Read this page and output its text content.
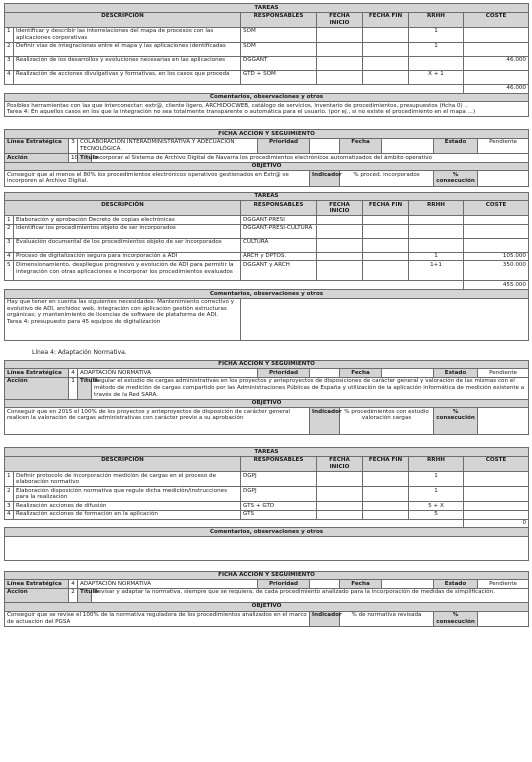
TAREAS						
DESCRIPCIÓN		RESPONSABLES	FECHA INICIO	FECHA FIN	RRHH	COSTE
1	Identificar y describir las interrelaciones del mapa de procesos con las aplicaciones corporativas	SOM			1	
2	Definir vías de integraciones entre el mapa y las aplicaciones identificadas	SOM			1	
3	Realización de los desarrollos y evoluciones necesarias en las aplicaciones	DGGANT				46.000
4	Realización de acciones divulgativas y formativas, en los casos que proceda	GTD + SOM			X + 1	
						46.000
Comentarios, observaciones y otros						

Posibles herramientas con las que interconectar: extr@, cliente ligero, ARCHIDOCWEB, catálogo de servicios, inventario de procedimientos, presupuestos (ficha 0) ..
Tarea 4: En aquellos casos en los que la integración no sea totalmente transparente o automática para el usuario. (por ej., si no existe el procedimiento en el mapa ...)						
FICHA ACCION Y SEGUIMIENTO									
Línea Estratégica	3	COLABORACIÓN INTERADMINISTRATIVA Y ADECUACIÓN TECNOLÓGICA		Prioridad		Fecha		Estado	Pendiente
Acción	10	Título	Incorporar al Sistema de Archivo Digital de Navarra los procedimientos electrónicos automatizados del ámbito operativo						
OBJETIVO									
Conseguir que al menos el 80% los procedimientos electrónicos operativos gestionados en Extr@ se incorporen al Archivo Digital.					Indicador	% proced. incorporados		% consecución	
TAREAS						
DESCRIPCIÓN		RESPONSABLES	FECHA INICIO	FECHA FIN	RRHH	COSTE
1	Elaboración y aprobación Decreto de copias electrónicas	DGGANT-PRESI				
2	Identificar los procedimientos objeto de ser incorporados	DGGANT-PRESI-CULTURA				
3	Evaluación documental de los procedimientos objeto de ser incorporados	CULTURA				
4	Proceso de digitalización segura para incorporación a ADI	ARCH y DPTOS.			1	105.000
5	Dimensionamiento, despliegue progresivo y evolución de ADI para permitir la integración con otras aplicaciones e incorporar los procedimientos evaluados	DGGANT y ARCH			1+1	350.000
						455.000
Comentarios, observaciones y otros						

Hay que tener en cuenta las siguientes necesidades: Mantenimiento correctivo y evolutivo de ADI, archidoc web, integración con aplicación gestión estructuras orgánicas; y mantenimiento de licencias de software de plataforma de ADI.
Tarea 4: presupuesto para 45 equipos de digitalización						

Línea 4: Adaptación Normativa.
FICHA ACCION Y SEGUIMIENTO									
Línea Estratégica	4	ADAPTACIÓN NORMATIVA		Prioridad		Fecha		Estado	Pendiente
Acción	1	Título	Regular el estudio de cargas administrativas en los proyectos y anteproyectos de disposiciones de carácter general y valoración de las mismas con el método de medición de cargas compartido por las Administraciones Públicas de España y utilización de la aplicación informática de medición existente a través de la Red SARA.						
OBJETIVO									
Conseguir que en 2015 el 100% de los proyectos y anteproyectos de disposición de carácter general realicen la valoración de cargas administrativas con carácter previo a su aprobación					Indicador	% procedimientos con estudio valoración cargas		% consecución	
TAREAS						
DESCRIPCIÓN		RESPONSABLES	FECHA INICIO	FECHA FIN	RRHH	COSTE
1	Definir protocolo de incorporación medición de cargas en el proceso de elaboración normativo	DGPJ			1	
2	Elaboración disposición normativa que regule dicha medición/instrucciones para la realización	DGPJ			1	
3	Realización acciones de difusión	GTS + GTD			5 + X	
4	Realización acciones de formación en la aplicación	GTS			5	
						0
Comentarios, observaciones y otros						

FICHA ACCION Y SEGUIMIENTO									
Línea Estratégica	4	ADAPTACIÓN NORMATIVA		Prioridad		Fecha		Estado	Pendiente
Acción	2	Título	Revisar y adaptar la normativa, siempre que se requiera, de cada procedimiento analizado para la incorporación de medidas de simplificación.						
OBJETIVO									
Conseguir que se revise el 100% de la normativa reguladora de los procedimientos analizados en el marco de actuación del PGSA					Indicador	% de normativa revisada		% consecución	
